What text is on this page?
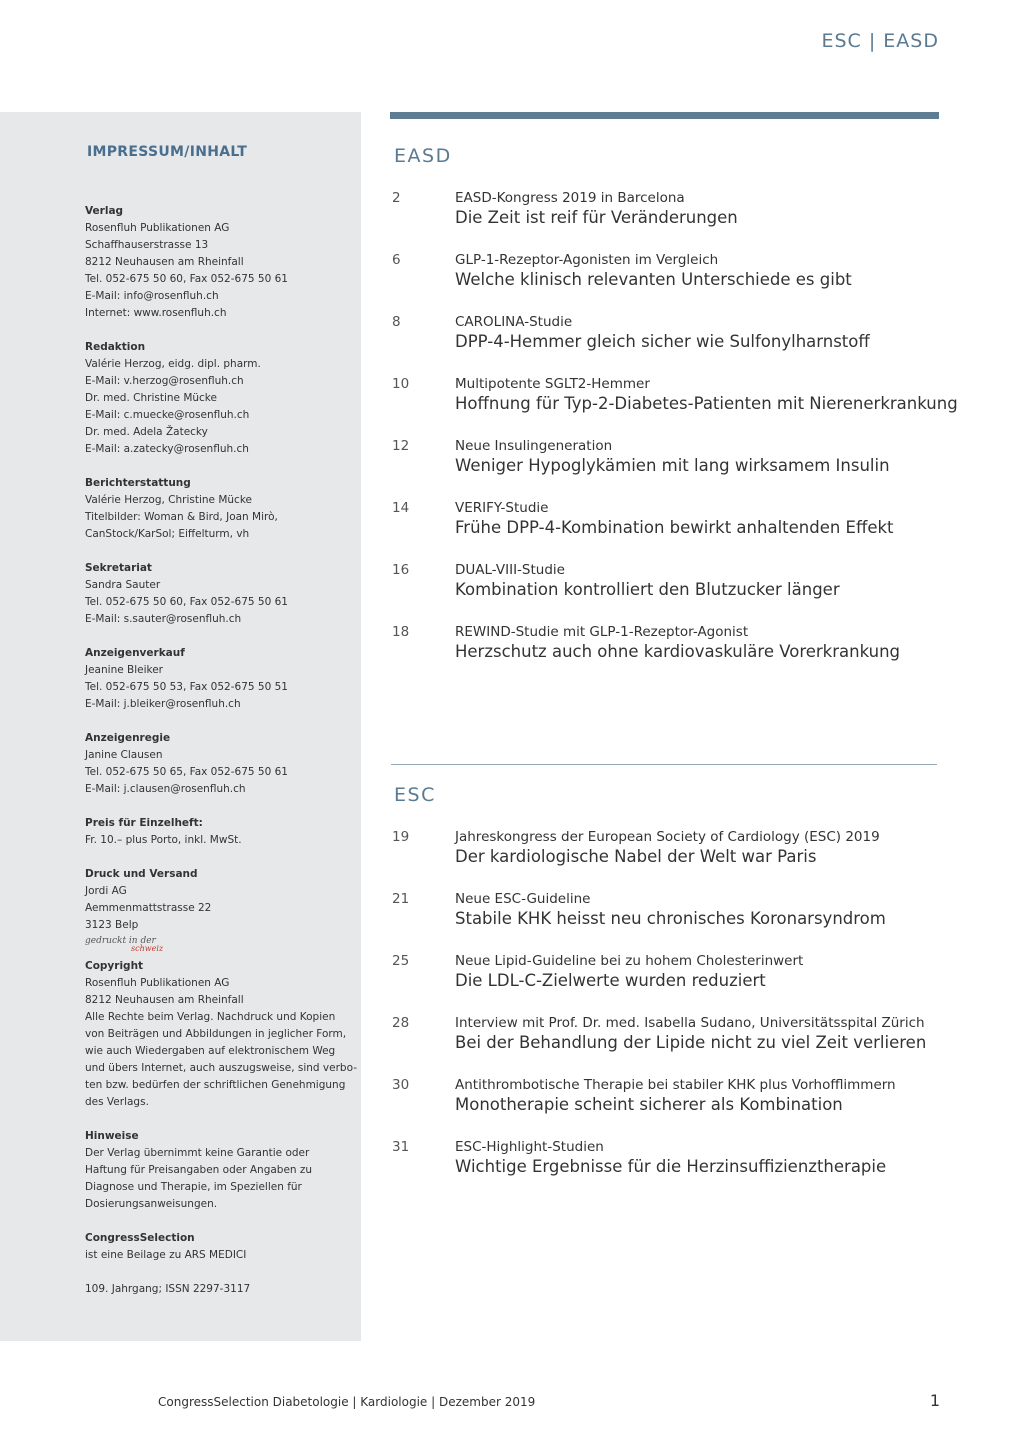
ESC | EASD
IMPRESSUM/INHALT
Verlag
Rosenfluh Publikationen AG
Schaffhauserstrasse 13
8212 Neuhausen am Rheinfall
Tel. 052-675 50 60, Fax 052-675 50 61
E-Mail: info@rosenfluh.ch
Internet: www.rosenfluh.ch
Redaktion
Valérie Herzog, eidg. dipl. pharm.
E-Mail: v.herzog@rosenfluh.ch
Dr. med. Christine Mücke
E-Mail: c.muecke@rosenfluh.ch
Dr. med. Adela Žatecky
E-Mail: a.zatecky@rosenfluh.ch
Berichterstattung
Valérie Herzog, Christine Mücke
Titelbilder: Woman & Bird, Joan Mirò,
CanStock/KarSol; Eiffelturm, vh
Sekretariat
Sandra Sauter
Tel. 052-675 50 60, Fax 052-675 50 61
E-Mail: s.sauter@rosenfluh.ch
Anzeigenverkauf
Jeanine Bleiker
Tel. 052-675 50 53, Fax 052-675 50 51
E-Mail: j.bleiker@rosenfluh.ch
Anzeigenregie
Janine Clausen
Tel. 052-675 50 65, Fax 052-675 50 61
E-Mail: j.clausen@rosenfluh.ch
Preis für Einzelheft:
Fr. 10.– plus Porto, inkl. MwSt.
Druck und Versand
Jordi AG
Aemmenmattstrasse 22
3123 Belp
gedruckt in der
schweiz
Copyright
Rosenfluh Publikationen AG
8212 Neuhausen am Rheinfall
Alle Rechte beim Verlag. Nachdruck und Kopien
von Beiträgen und Abbildungen in jeglicher Form,
wie auch Wiedergaben auf elektronischem Weg
und übers Internet, auch auszugsweise, sind verbo-
ten bzw. bedürfen der schriftlichen Genehmigung
des Verlags.
Hinweise
Der Verlag übernimmt keine Garantie oder
Haftung für Preisangaben oder Angaben zu
Diagnose und Therapie, im Speziellen für
Dosierungsanweisungen.
CongressSelection
ist eine Beilage zu ARS MEDICI
109. Jahrgang; ISSN 2297-3117
EASD
2	EASD-Kongress 2019 in Barcelona
Die Zeit ist reif für Veränderungen
6	GLP-1-Rezeptor-Agonisten im Vergleich
Welche klinisch relevanten Unterschiede es gibt
8	CAROLINA-Studie
DPP-4-Hemmer gleich sicher wie Sulfonylharnstoff
10	Multipotente SGLT2-Hemmer
Hoffnung für Typ-2-Diabetes-Patienten mit Nierenerkrankung
12	Neue Insulingeneration
Weniger Hypoglykämien mit lang wirksamem Insulin
14	VERIFY-Studie
Frühe DPP-4-Kombination bewirkt anhaltenden Effekt
16	DUAL-VIII-Studie
Kombination kontrolliert den Blutzucker länger
18	REWIND-Studie mit GLP-1-Rezeptor-Agonist
Herzschutz auch ohne kardiovaskuläre Vorerkrankung
ESC
19	Jahreskongress der European Society of Cardiology (ESC) 2019
Der kardiologische Nabel der Welt war Paris
21	Neue ESC-Guideline
Stabile KHK heisst neu chronisches Koronarsyndrom
25	Neue Lipid-Guideline bei zu hohem Cholesterinwert
Die LDL-C-Zielwerte wurden reduziert
28	Interview mit Prof. Dr. med. Isabella Sudano, Universitätsspital Zürich
Bei der Behandlung der Lipide nicht zu viel Zeit verlieren
30	Antithrombotische Therapie bei stabiler KHK plus Vorhofflimmern
Monotherapie scheint sicherer als Kombination
31	ESC-Highlight-Studien
Wichtige Ergebnisse für die Herzinsuffizienztherapie
CongressSelection Diabetologie | Kardiologie | Dezember 2019	1
